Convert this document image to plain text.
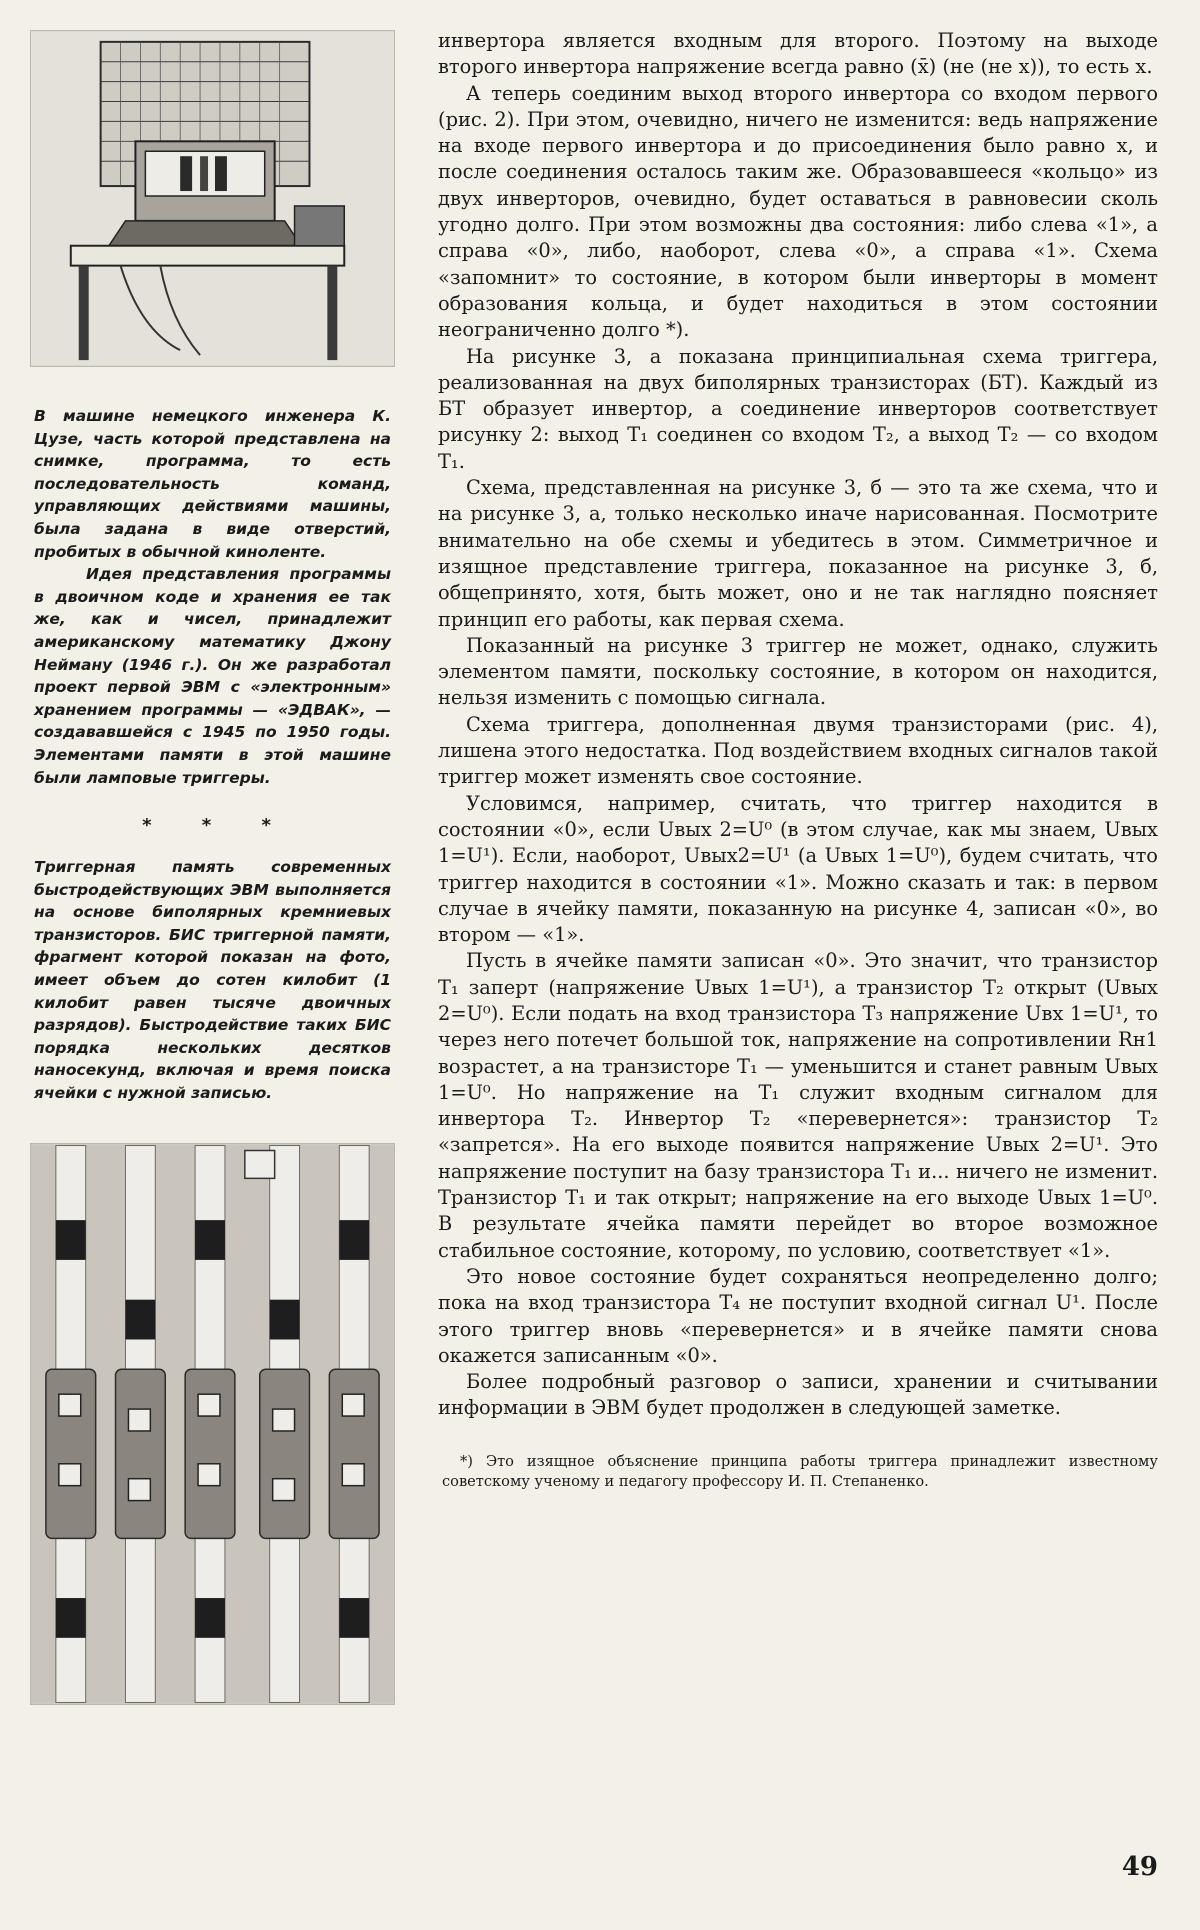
В машине немецкого инженера К. Цузе, часть которой представлена на снимке, программа, то есть последовательность команд, управляющих действиями машины, была задана в виде отверстий, пробитых в обычной киноленте.

Идея представления программы в двоичном коде и хранения ее так же, как и чисел, принадлежит американскому математику Джону Нейману (1946 г.). Он же разработал проект первой ЭВМ с «электронным» хранением программы — «ЭДВАК», — создававшейся с 1945 по 1950 годы. Элементами памяти в этой машине были ламповые триггеры.

* * *

Триггерная память современных быстродействующих ЭВМ выполняется на основе биполярных кремниевых транзисторов. БИС триггерной памяти, фрагмент которой показан на фото, имеет объем до сотен килобит (1 килобит равен тысяче двоичных разрядов). Быстродействие таких БИС порядка нескольких десятков наносекунд, включая и время поиска ячейки с нужной записью.

инвертора является входным для второго. Поэтому на выходе второго инвертора напряжение всегда равно (x̄) (не (не x)), то есть x.

А теперь соединим выход второго инвертора со входом первого (рис. 2). При этом, очевидно, ничего не изменится: ведь напряжение на входе первого инвертора и до присоединения было равно x, и после соединения осталось таким же. Образовавшееся «кольцо» из двух инверторов, очевидно, будет оставаться в равновесии сколь угодно долго. При этом возможны два состояния: либо слева «1», а справа «0», либо, наоборот, слева «0», а справа «1». Схема «запомнит» то состояние, в котором были инверторы в момент образования кольца, и будет находиться в этом состоянии неограниченно долго *).

На рисунке 3, а показана принципиальная схема триггера, реализованная на двух биполярных транзисторах (БТ). Каждый из БТ образует инвертор, а соединение инверторов соответствует рисунку 2: выход T₁ соединен со входом T₂, а выход T₂ — со входом T₁.

Схема, представленная на рисунке 3, б — это та же схема, что и на рисунке 3, а, только несколько иначе нарисованная. Посмотрите внимательно на обе схемы и убедитесь в этом. Симметричное и изящное представление триггера, показанное на рисунке 3, б, общепринято, хотя, быть может, оно и не так наглядно поясняет принцип его работы, как первая схема.

Показанный на рисунке 3 триггер не может, однако, служить элементом памяти, поскольку состояние, в котором он находится, нельзя изменить с помощью сигнала.

Схема триггера, дополненная двумя транзисторами (рис. 4), лишена этого недостатка. Под воздействием входных сигналов такой триггер может изменять свое состояние.

Условимся, например, считать, что триггер находится в состоянии «0», если Uвых 2=U⁰ (в этом случае, как мы знаем, Uвых 1=U¹). Если, наоборот, Uвых2=U¹ (а Uвых 1=U⁰), будем считать, что триггер находится в состоянии «1». Можно сказать и так: в первом случае в ячейку памяти, показанную на рисунке 4, записан «0», во втором — «1».

Пусть в ячейке памяти записан «0». Это значит, что транзистор T₁ заперт (напряжение Uвых 1=U¹), а транзистор T₂ открыт (Uвых 2=U⁰). Если подать на вход транзистора T₃ напряжение Uвх 1=U¹, то через него потечет большой ток, напряжение на сопротивлении Rн1 возрастет, а на транзисторе T₁ — уменьшится и станет равным Uвых 1=U⁰. Но напряжение на T₁ служит входным сигналом для инвертора T₂. Инвертор T₂ «перевернется»: транзистор T₂ «запрется». На его выходе появится напряжение Uвых 2=U¹. Это напряжение поступит на базу транзистора T₁ и... ничего не изменит. Транзистор T₁ и так открыт; напряжение на его выходе Uвых 1=U⁰. В результате ячейка памяти перейдет во второе возможное стабильное состояние, которому, по условию, соответствует «1».

Это новое состояние будет сохраняться неопределенно долго; пока на вход транзистора T₄ не поступит входной сигнал U¹. После этого триггер вновь «перевернется» и в ячейке памяти снова окажется записанным «0».

Более подробный разговор о записи, хранении и считывании информации в ЭВМ будет продолжен в следующей заметке.

*) Это изящное объяснение принципа работы триггера принадлежит известному советскому ученому и педагогу профессору И. П. Степаненко.

49
